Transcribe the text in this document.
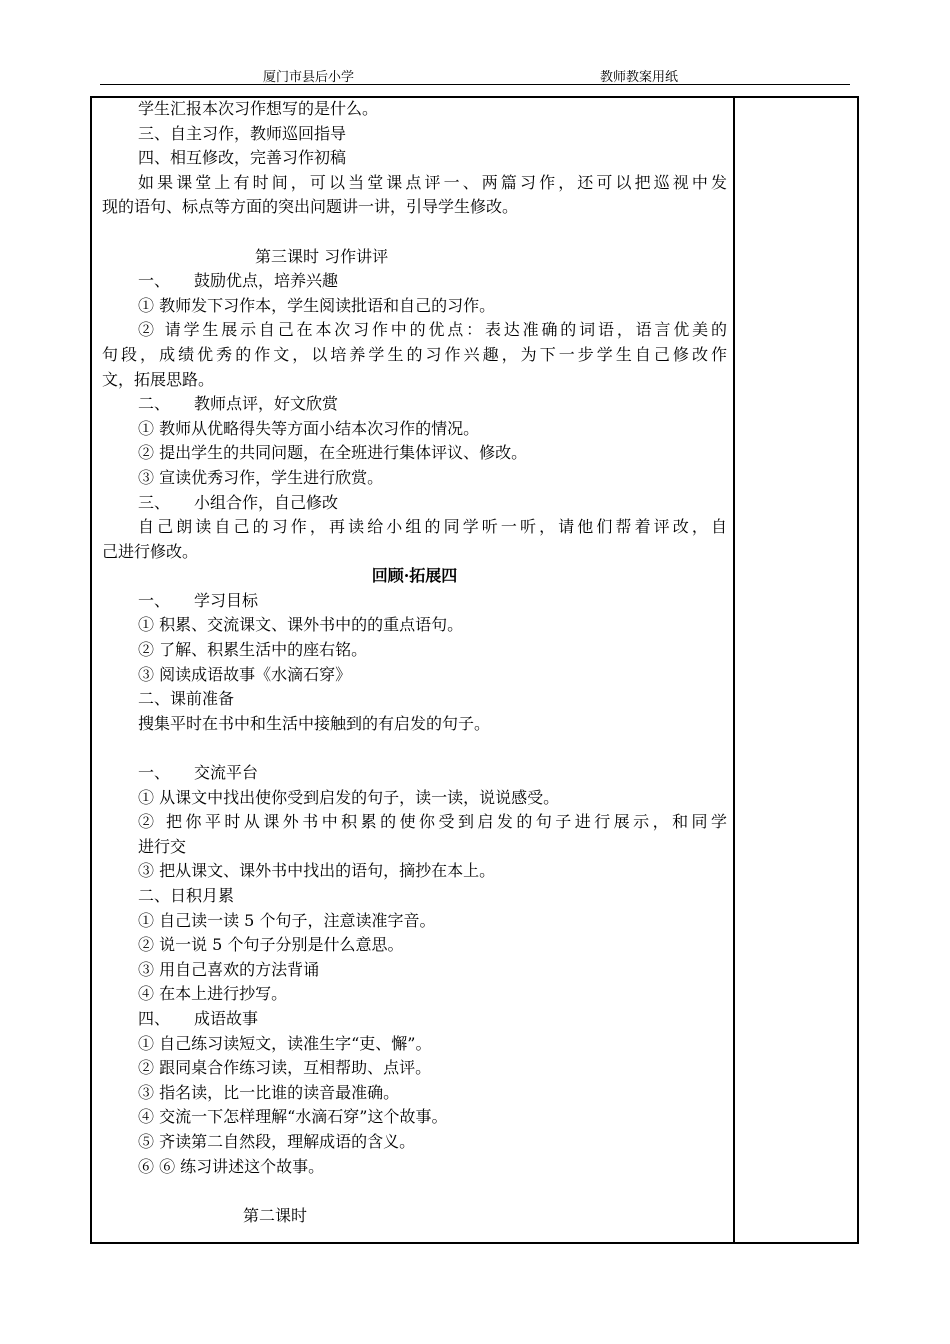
厦门市县后小学	教师教案用纸
学生汇报本次习作想写的是什么。
三、自主习作，教师巡回指导
四、相互修改，完善习作初稿
如果课堂上有时间，可以当堂课点评一、两篇习作，还可以把巡视中发
现的语句、标点等方面的突出问题讲一讲，引导学生修改。
第三课时 习作讲评
一、　　鼓励优点，培养兴趣
① 教师发下习作本，学生阅读批语和自己的习作。
② 请学生展示自己在本次习作中的优点：表达准确的词语，语言优美的
句段，成绩优秀的作文，以培养学生的习作兴趣，为下一步学生自己修改作
文，拓展思路。
二、　　教师点评，好文欣赏
① 教师从优略得失等方面小结本次习作的情况。
② 提出学生的共同问题，在全班进行集体评议、修改。
③ 宣读优秀习作，学生进行欣赏。
三、　　小组合作，自己修改
自己朗读自己的习作，再读给小组的同学听一听，请他们帮着评改，自
己进行修改。
回顾·拓展四
一、　　学习目标
① 积累、交流课文、课外书中的的重点语句。
② 了解、积累生活中的座右铭。
③ 阅读成语故事《水滴石穿》
二、课前准备
搜集平时在书中和生活中接触到的有启发的句子。
一、　　交流平台
① 从课文中找出使你受到启发的句子，读一读，说说感受。
② 把你平时从课外书中积累的使你受到启发的句子进行展示，和同学
进行交
③ 把从课文、课外书中找出的语句，摘抄在本上。
二、日积月累
① 自己读一读 5 个句子，注意读准字音。
② 说一说 5 个句子分别是什么意思。
③ 用自己喜欢的方法背诵
④ 在本上进行抄写。
四、　　成语故事
① 自己练习读短文，读准生字“吏、懈”。
② 跟同桌合作练习读，互相帮助、点评。
③ 指名读，比一比谁的读音最准确。
④ 交流一下怎样理解“水滴石穿”这个故事。
⑤ 齐读第二自然段，理解成语的含义。
⑥ ⑥ 练习讲述这个故事。
第二课时
